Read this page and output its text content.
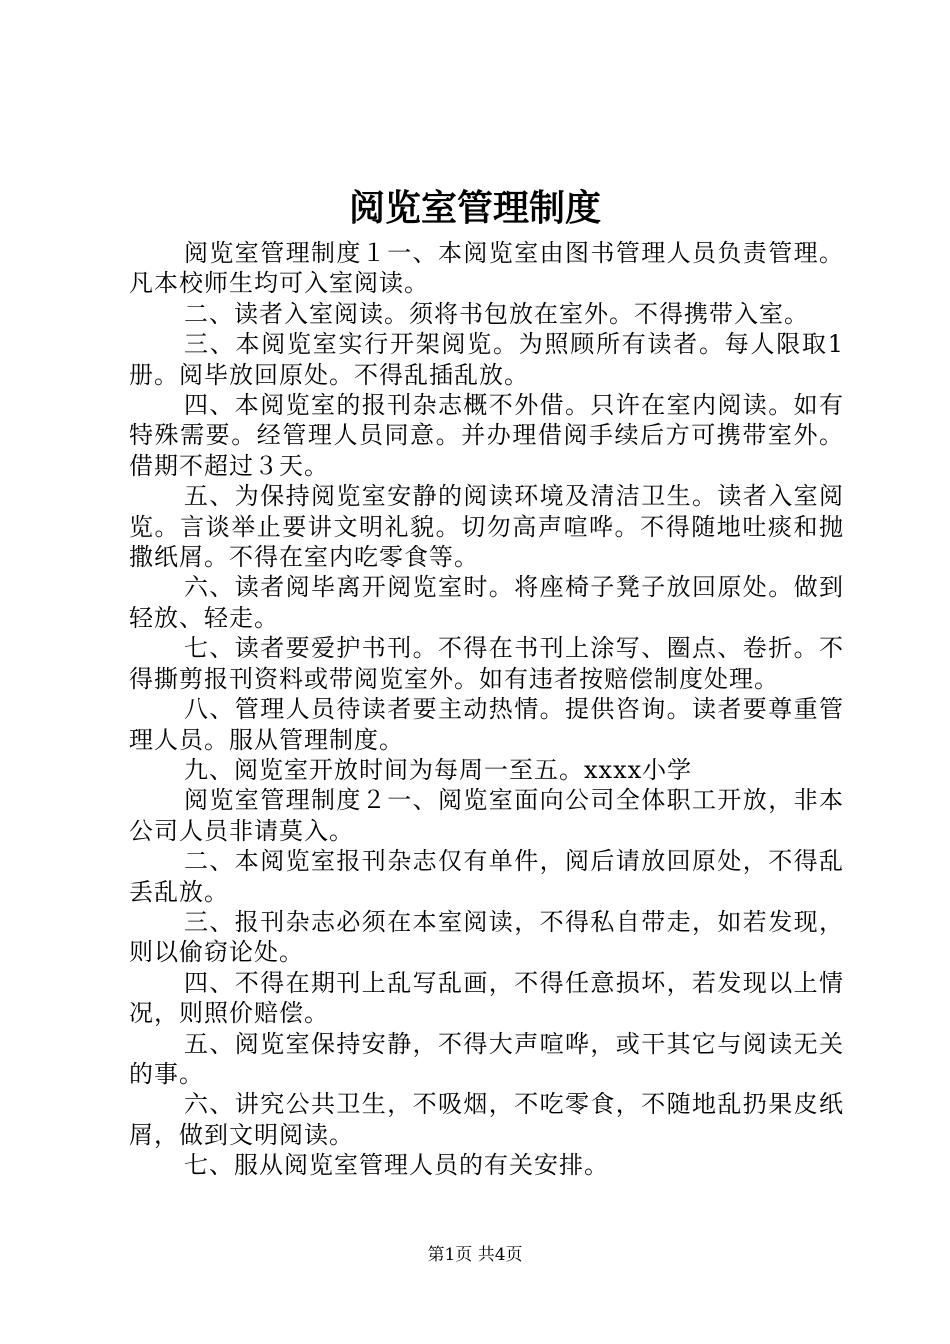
阅览室管理制度

阅览室管理制度１一、本阅览室由图书管理人员负责管理。凡本校师生均可入室阅读。

二、读者入室阅读。须将书包放在室外。不得携带入室。

三、本阅览室实行开架阅览。为照顾所有读者。每人限取1册。阅毕放回原处。不得乱插乱放。

四、本阅览室的报刊杂志概不外借。只许在室内阅读。如有特殊需要。经管理人员同意。并办理借阅手续后方可携带室外。借期不超过３天。

五、为保持阅览室安静的阅读环境及清洁卫生。读者入室阅览。言谈举止要讲文明礼貌。切勿高声喧哗。不得随地吐痰和抛撒纸屑。不得在室内吃零食等。

六、读者阅毕离开阅览室时。将座椅子凳子放回原处。做到轻放、轻走。

七、读者要爱护书刊。不得在书刊上涂写、圈点、卷折。不得撕剪报刊资料或带阅览室外。如有违者按赔偿制度处理。

八、管理人员待读者要主动热情。提供咨询。读者要尊重管理人员。服从管理制度。

九、阅览室开放时间为每周一至五。xxxx小学

阅览室管理制度２一、阅览室面向公司全体职工开放，非本公司人员非请莫入。

二、本阅览室报刊杂志仅有单件，阅后请放回原处，不得乱丢乱放。

三、报刊杂志必须在本室阅读，不得私自带走，如若发现，则以偷窃论处。

四、不得在期刊上乱写乱画，不得任意损坏，若发现以上情况，则照价赔偿。

五、阅览室保持安静，不得大声喧哗，或干其它与阅读无关的事。

六、讲究公共卫生，不吸烟，不吃零食，不随地乱扔果皮纸屑，做到文明阅读。

七、服从阅览室管理人员的有关安排。

第1页 共4页
